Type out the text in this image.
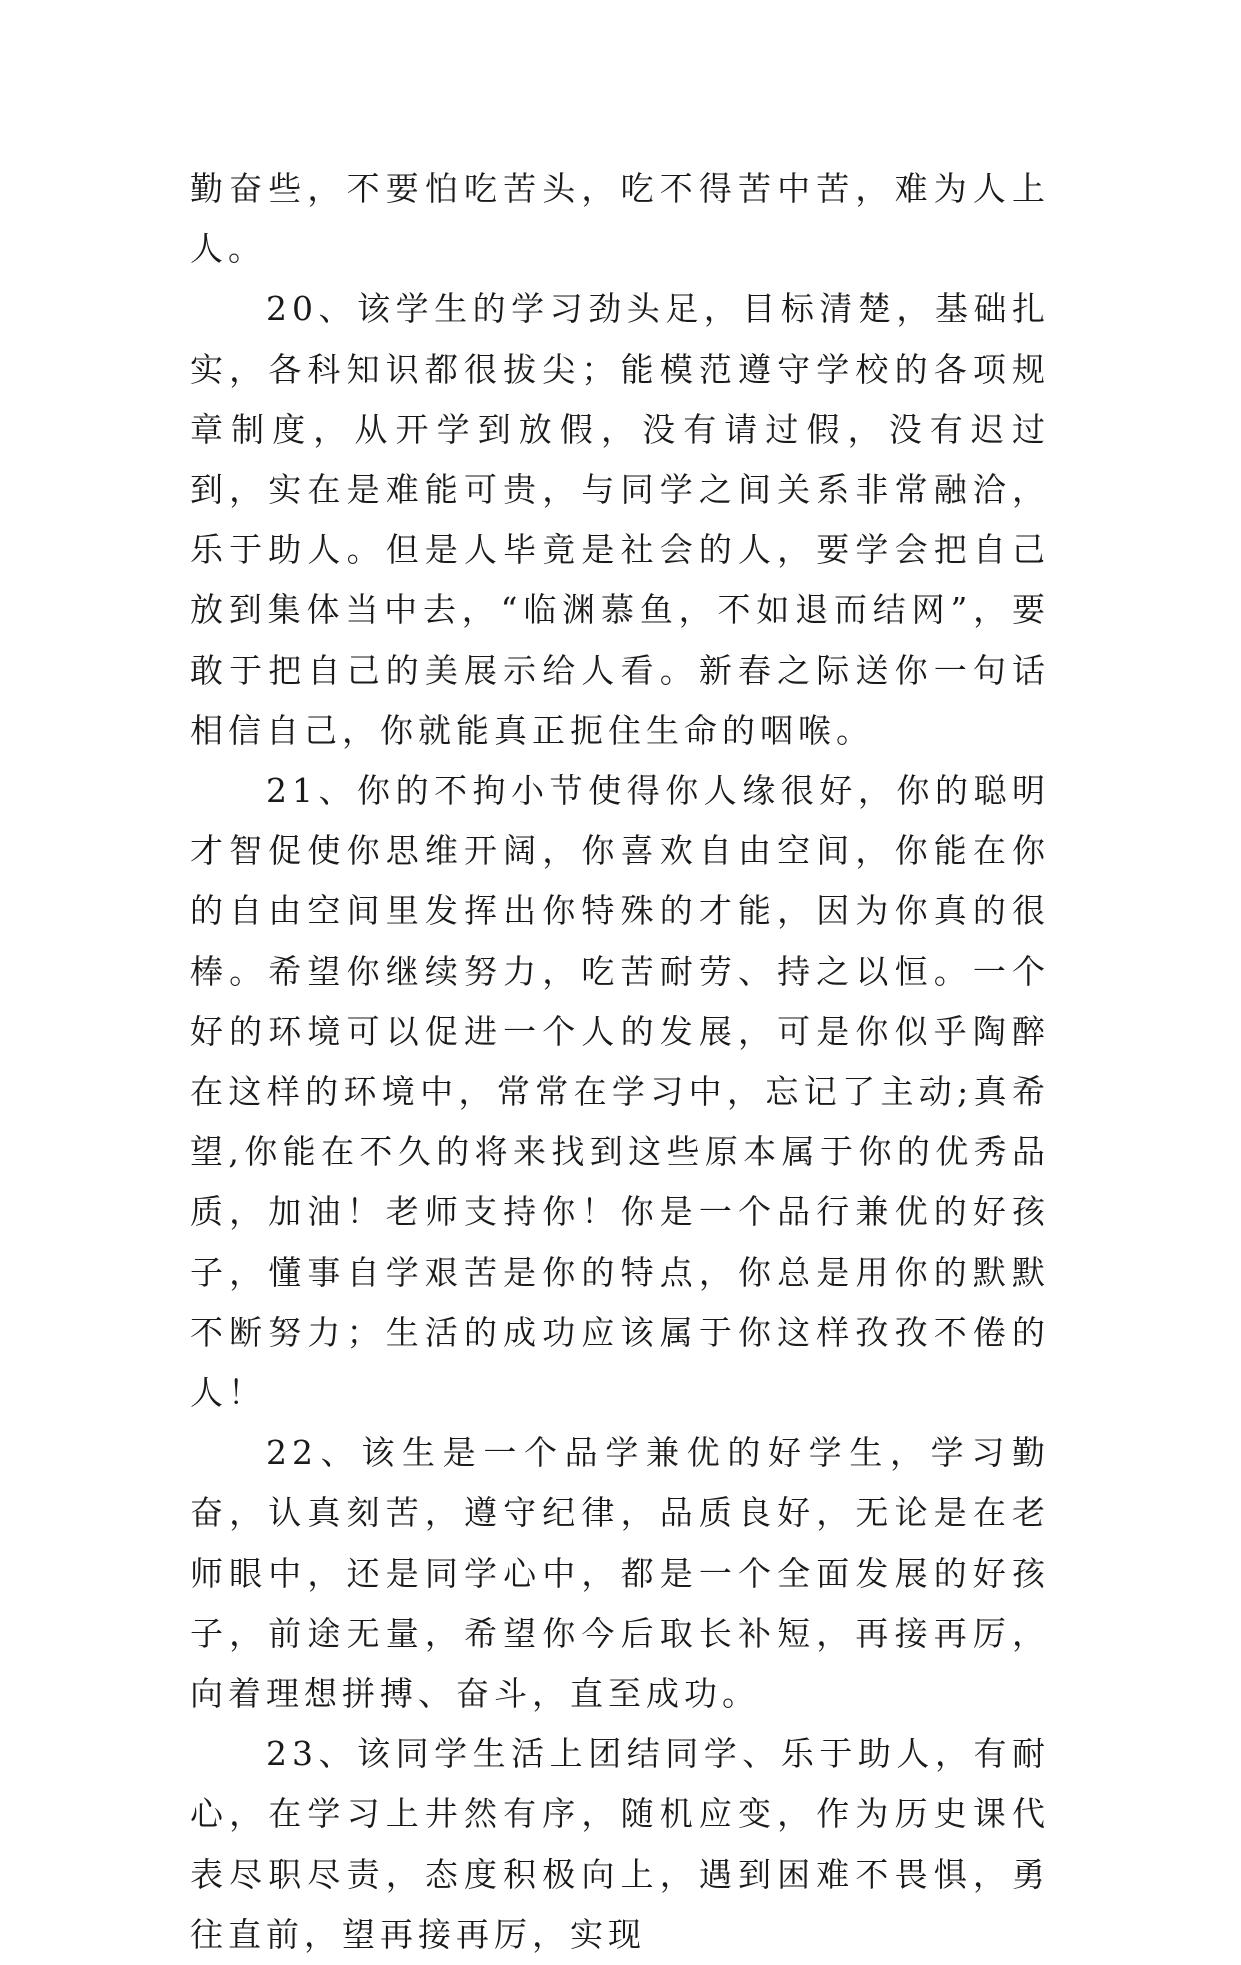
勤奋些，不要怕吃苦头，吃不得苦中苦，难为人上人。

20、该学生的学习劲头足，目标清楚，基础扎实，各科知识都很拔尖；能模范遵守学校的各项规章制度，从开学到放假，没有请过假，没有迟过到，实在是难能可贵，与同学之间关系非常融洽，乐于助人。但是人毕竟是社会的人，要学会把自己放到集体当中去，“临渊慕鱼，不如退而结网”，要敢于把自己的美展示给人看。新春之际送你一句话相信自己，你就能真正扼住生命的咽喉。

21、你的不拘小节使得你人缘很好，你的聪明才智促使你思维开阔，你喜欢自由空间，你能在你的自由空间里发挥出你特殊的才能，因为你真的很棒。希望你继续努力，吃苦耐劳、持之以恒。一个好的环境可以促进一个人的发展，可是你似乎陶醉在这样的环境中，常常在学习中，忘记了主动;真希望,你能在不久的将来找到这些原本属于你的优秀品质，加油！老师支持你！你是一个品行兼优的好孩子，懂事自学艰苦是你的特点，你总是用你的默默不断努力；生活的成功应该属于你这样孜孜不倦的人！

22、该生是一个品学兼优的好学生，学习勤奋，认真刻苦，遵守纪律，品质良好，无论是在老师眼中，还是同学心中，都是一个全面发展的好孩子，前途无量，希望你今后取长补短，再接再厉，向着理想拼搏、奋斗，直至成功。

23、该同学生活上团结同学、乐于助人，有耐心，在学习上井然有序，随机应变，作为历史课代表尽职尽责，态度积极向上，遇到困难不畏惧，勇往直前，望再接再厉，实现
